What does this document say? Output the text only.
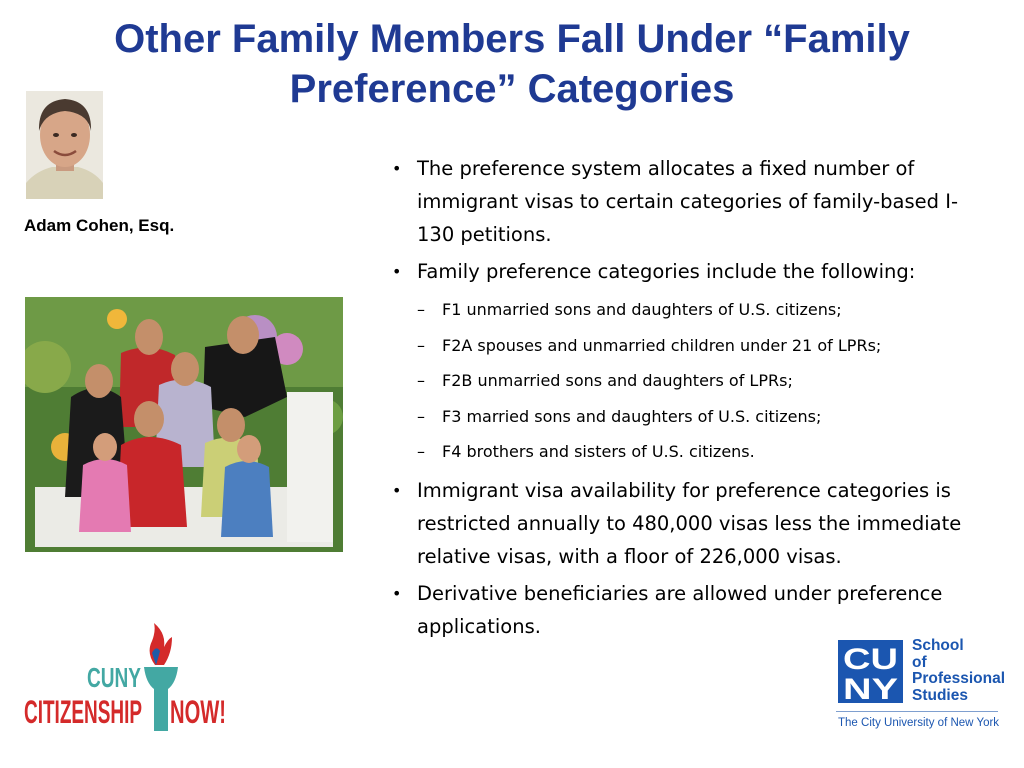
Other Family Members Fall Under “Family
Preference” Categories
Adam Cohen, Esq.
• The preference system allocates a fixed number of immigrant visas to certain categories of family-based I-130 petitions.
• Family preference categories include the following:
– F1 unmarried sons and daughters of U.S. citizens;
– F2A spouses and unmarried children under 21 of LPRs;
– F2B unmarried sons and daughters of LPRs;
– F3 married sons and daughters of U.S. citizens;
– F4 brothers and sisters of U.S. citizens.
• Immigrant visa availability for preference categories is restricted annually to 480,000 visas less the immediate relative visas, with a floor of 226,000 visas.
• Derivative beneficiaries are allowed under preference applications.
CUNY
CITIZENSHIP NOW!
CU
NY
School
of
Professional
Studies
The City University of New York
